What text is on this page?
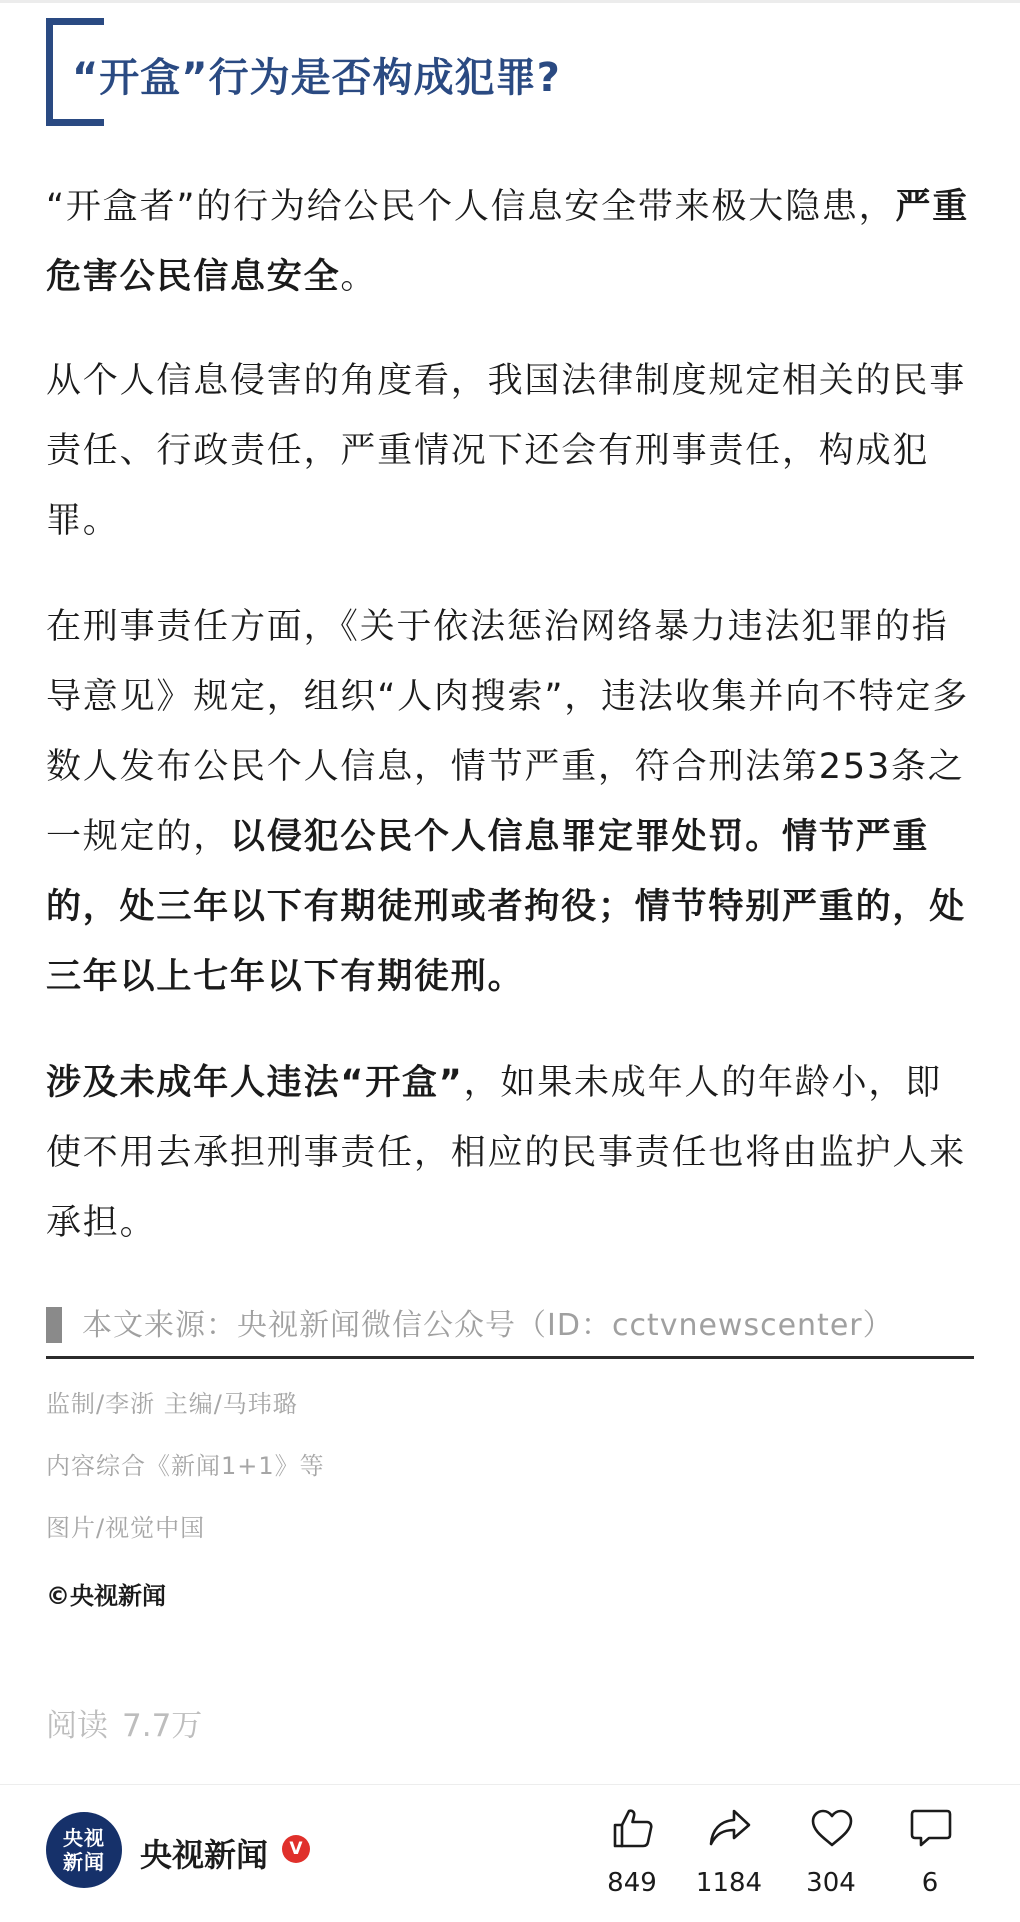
“开盒”行为是否构成犯罪?
“开盒者”的行为给公民个人信息安全带来极大隐患，严重危害公民信息安全。
从个人信息侵害的角度看，我国法律制度规定相关的民事责任、行政责任，严重情况下还会有刑事责任，构成犯罪。
在刑事责任方面，《关于依法惩治网络暴力违法犯罪的指导意见》规定，组织“人肉搜索”，违法收集并向不特定多数人发布公民个人信息，情节严重，符合刑法第253条之一规定的，以侵犯公民个人信息罪定罪处罚。情节严重的，处三年以下有期徒刑或者拘役；情节特别严重的，处三年以上七年以下有期徒刑。
涉及未成年人违法“开盒”，如果未成年人的年龄小，即使不用去承担刑事责任，相应的民事责任也将由监护人来承担。
本文来源：央视新闻微信公众号（ID：cctvnewscenter）
监制/李浙 主编/马玮璐
内容综合《新闻1+1》等
图片/视觉中国
©央视新闻
阅读 7.7万
央视
新闻 央视新闻	V
849	1184	304	6
